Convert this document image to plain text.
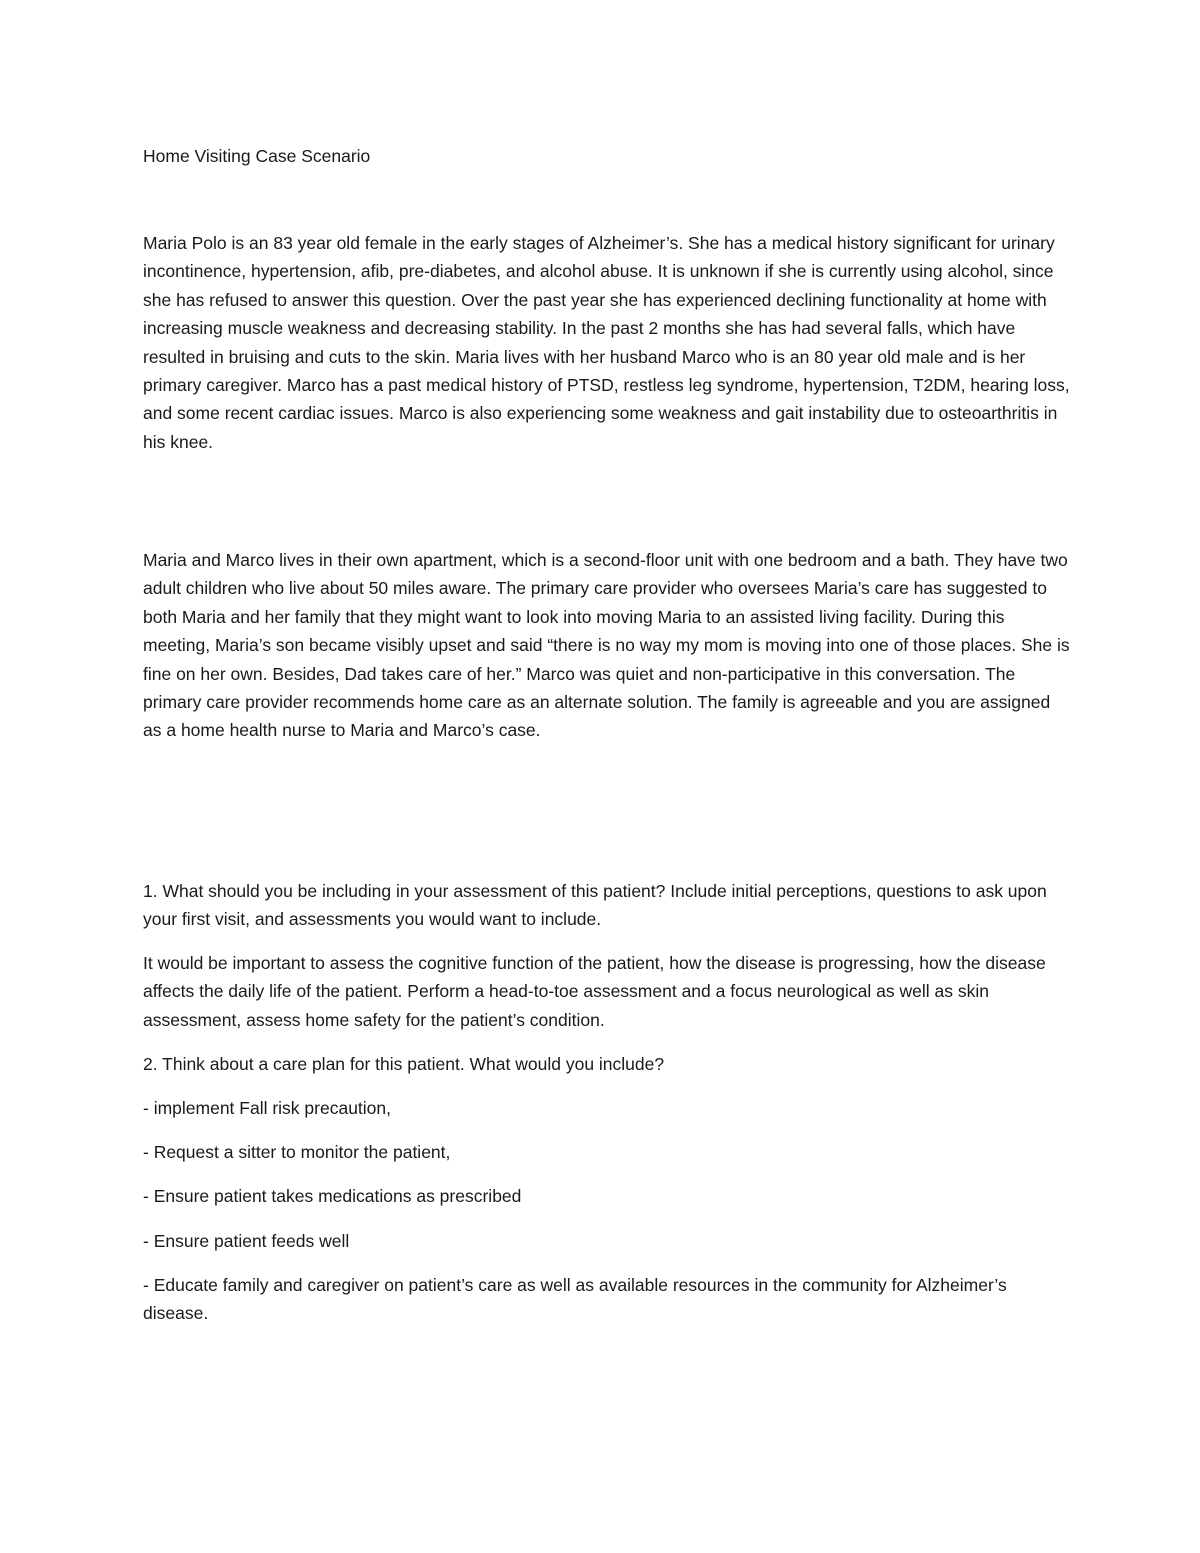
Home Visiting Case Scenario

Maria Polo is an 83 year old female in the early stages of Alzheimer’s. She has a medical history significant for urinary incontinence, hypertension, afib, pre-diabetes, and alcohol abuse. It is unknown if she is currently using alcohol, since she has refused to answer this question. Over the past year she has experienced declining functionality at home with increasing muscle weakness and decreasing stability. In the past 2 months she has had several falls, which have resulted in bruising and cuts to the skin. Maria lives with her husband Marco who is an 80 year old male and is her primary caregiver. Marco has a past medical history of PTSD, restless leg syndrome, hypertension, T2DM, hearing loss, and some recent cardiac issues. Marco is also experiencing some weakness and gait instability due to osteoarthritis in his knee.

Maria and Marco lives in their own apartment, which is a second-floor unit with one bedroom and a bath. They have two adult children who live about 50 miles aware. The primary care provider who oversees Maria’s care has suggested to both Maria and her family that they might want to look into moving Maria to an assisted living facility. During this meeting, Maria’s son became visibly upset and said “there is no way my mom is moving into one of those places. She is fine on her own. Besides, Dad takes care of her.” Marco was quiet and non-participative in this conversation. The primary care provider recommends home care as an alternate solution. The family is agreeable and you are assigned as a home health nurse to Maria and Marco’s case.

1. What should you be including in your assessment of this patient? Include initial perceptions, questions to ask upon your first visit, and assessments you would want to include.

It would be important to assess the cognitive function of the patient, how the disease is progressing, how the disease affects the daily life of the patient. Perform a head-to-toe assessment and a focus neurological as well as skin assessment, assess home safety for the patient’s condition.

2. Think about a care plan for this patient. What would you include?

- implement Fall risk precaution,

- Request a sitter to monitor the patient,

- Ensure patient takes medications as prescribed

- Ensure patient feeds well

- Educate family and caregiver on patient’s care as well as available resources in the community for Alzheimer’s disease.
